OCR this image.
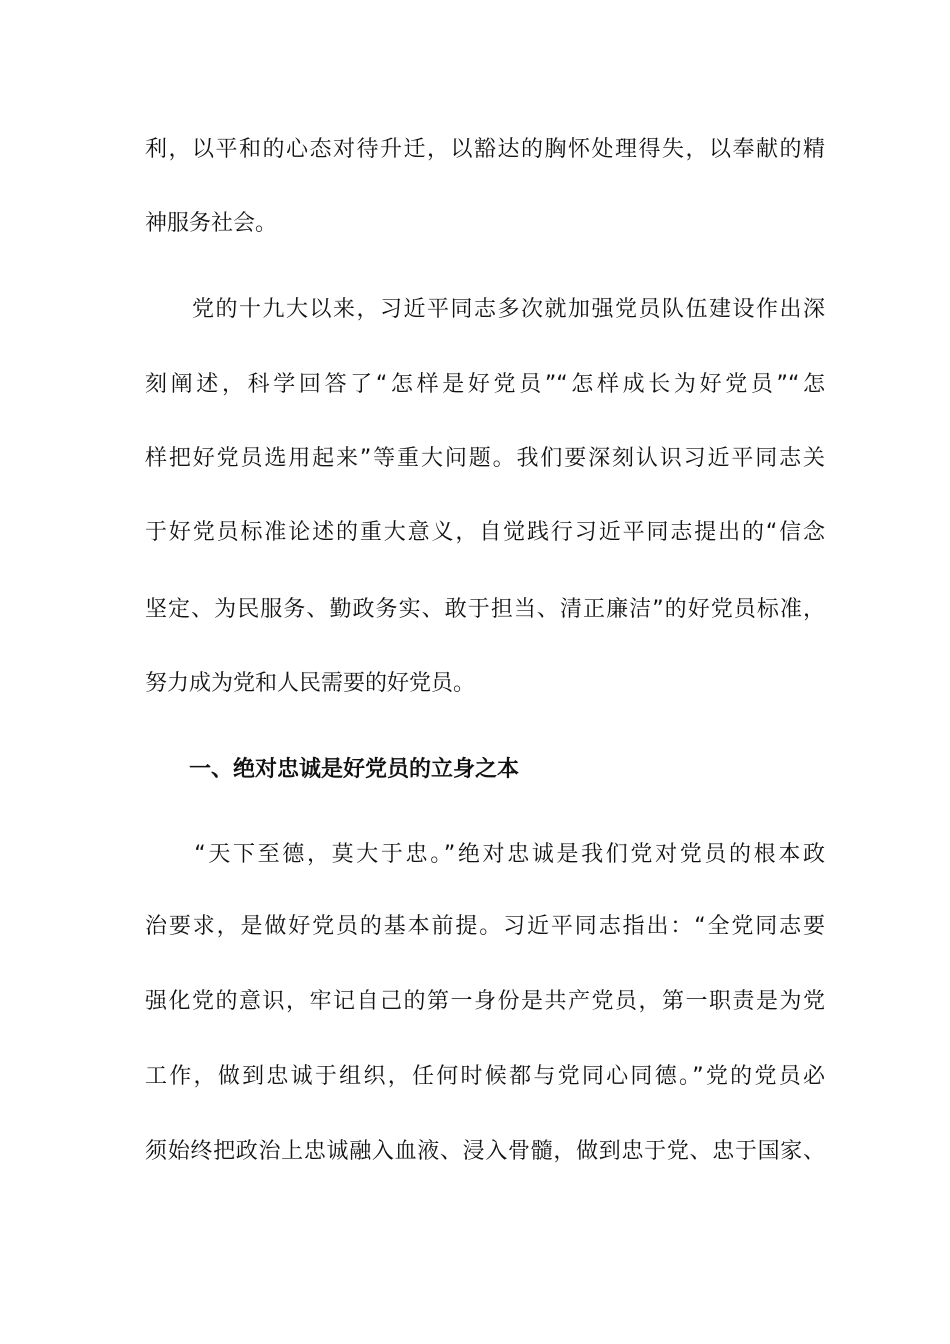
利，以平和的心态对待升迁，以豁达的胸怀处理得失，以奉献的精
神服务社会。
　　党的十九大以来，习近平同志多次就加强党员队伍建设作出深
刻阐述，科学回答了“怎样是好党员”“怎样成长为好党员”“怎
样把好党员选用起来”等重大问题。我们要深刻认识习近平同志关
于好党员标准论述的重大意义，自觉践行习近平同志提出的“信念
坚定、为民服务、勤政务实、敢于担当、清正廉洁”的好党员标准，
努力成为党和人民需要的好党员。
　　一、绝对忠诚是好党员的立身之本
　　“天下至德，莫大于忠。”绝对忠诚是我们党对党员的根本政
治要求，是做好党员的基本前提。习近平同志指出：“全党同志要
强化党的意识，牢记自己的第一身份是共产党员，第一职责是为党
工作，做到忠诚于组织，任何时候都与党同心同德。”党的党员必
须始终把政治上忠诚融入血液、浸入骨髓，做到忠于党、忠于国家、
